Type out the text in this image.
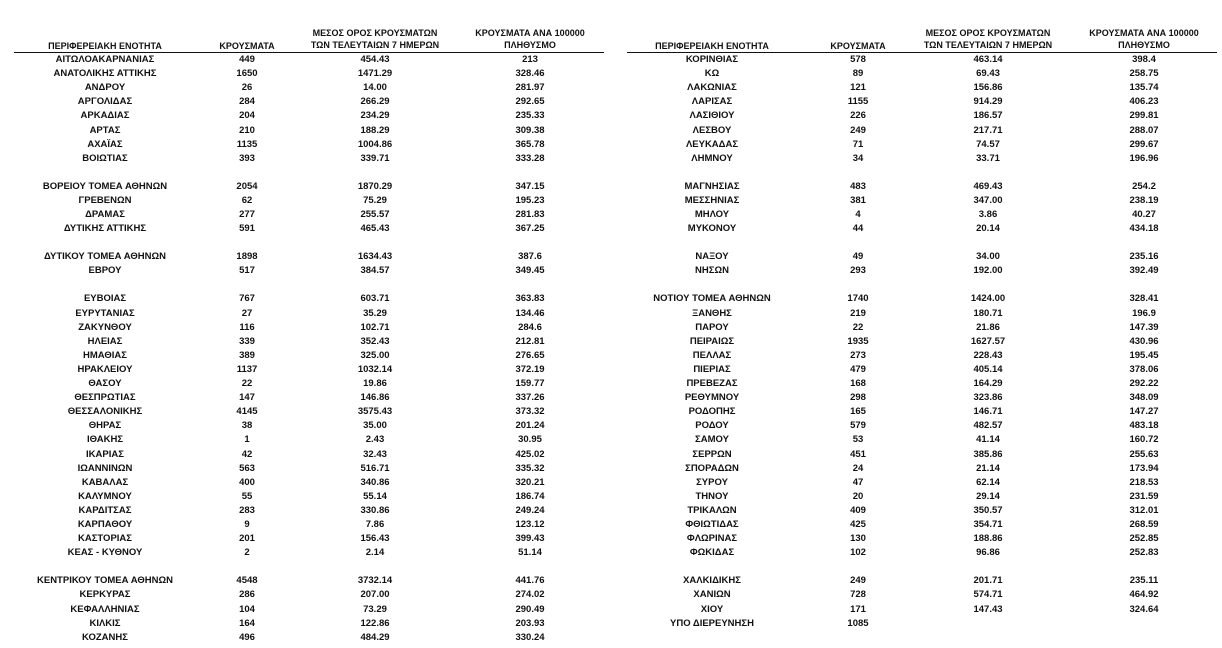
ΠΕΡΙΦΕΡΕΙΑΚΗ ΕΝΟΤΗΤΑ	ΚΡΟΥΣΜΑΤΑ
ΜΕΣΟΣ ΟΡΟΣ ΚΡΟΥΣΜΑΤΩΝ
ΤΩΝ ΤΕΛΕΥΤΑΙΩΝ 7 ΗΜΕΡΩΝ
ΚΡΟΥΣΜΑΤΑ ΑΝΑ 100000
ΠΛΗΘΥΣΜΟ
ΑΙΤΩΛΟΑΚΑΡΝΑΝΙΑΣ	449	454.43	213
ΑΝΑΤΟΛΙΚΗΣ ΑΤΤΙΚΗΣ	1650	1471.29	328.46
ΑΝΔΡΟΥ	26	14.00	281.97
ΑΡΓΟΛΙΔΑΣ	284	266.29	292.65
ΑΡΚΑΔΙΑΣ	204	234.29	235.33
ΑΡΤΑΣ	210	188.29	309.38
ΑΧΑΪΑΣ	1135	1004.86	365.78
ΒΟΙΩΤΙΑΣ	393	339.71	333.28
ΒΟΡΕΙΟΥ ΤΟΜΕΑ ΑΘΗΝΩΝ	2054	1870.29	347.15
ΓΡΕΒΕΝΩΝ	62	75.29	195.23
ΔΡΑΜΑΣ	277	255.57	281.83
ΔΥΤΙΚΗΣ ΑΤΤΙΚΗΣ	591	465.43	367.25
ΔΥΤΙΚΟΥ ΤΟΜΕΑ ΑΘΗΝΩΝ	1898	1634.43	387.6
ΕΒΡΟΥ	517	384.57	349.45
ΕΥΒΟΙΑΣ	767	603.71	363.83
ΕΥΡΥΤΑΝΙΑΣ	27	35.29	134.46
ΖΑΚΥΝΘΟΥ	116	102.71	284.6
ΗΛΕΙΑΣ	339	352.43	212.81
ΗΜΑΘΙΑΣ	389	325.00	276.65
ΗΡΑΚΛΕΙΟΥ	1137	1032.14	372.19
ΘΑΣΟΥ	22	19.86	159.77
ΘΕΣΠΡΩΤΙΑΣ	147	146.86	337.26
ΘΕΣΣΑΛΟΝΙΚΗΣ	4145	3575.43	373.32
ΘΗΡΑΣ	38	35.00	201.24
ΙΘΑΚΗΣ	1	2.43	30.95
ΙΚΑΡΙΑΣ	42	32.43	425.02
ΙΩΑΝΝΙΝΩΝ	563	516.71	335.32
ΚΑΒΑΛΑΣ	400	340.86	320.21
ΚΑΛΥΜΝΟΥ	55	55.14	186.74
ΚΑΡΔΙΤΣΑΣ	283	330.86	249.24
ΚΑΡΠΑΘΟΥ	9	7.86	123.12
ΚΑΣΤΟΡΙΑΣ	201	156.43	399.43
ΚΕΑΣ - ΚΥΘΝΟΥ	2	2.14	51.14
ΚΕΝΤΡΙΚΟΥ ΤΟΜΕΑ ΑΘΗΝΩΝ	4548	3732.14	441.76
ΚΕΡΚΥΡΑΣ	286	207.00	274.02
ΚΕΦΑΛΛΗΝΙΑΣ	104	73.29	290.49
ΚΙΛΚΙΣ	164	122.86	203.93
ΚΟΖΑΝΗΣ	496	484.29	330.24
ΠΕΡΙΦΕΡΕΙΑΚΗ ΕΝΟΤΗΤΑ	ΚΡΟΥΣΜΑΤΑ
ΜΕΣΟΣ ΟΡΟΣ ΚΡΟΥΣΜΑΤΩΝ
ΤΩΝ ΤΕΛΕΥΤΑΙΩΝ 7 ΗΜΕΡΩΝ
ΚΡΟΥΣΜΑΤΑ ΑΝΑ 100000
ΠΛΗΘΥΣΜΟ
ΚΟΡΙΝΘΙΑΣ	578	463.14	398.4
ΚΩ	89	69.43	258.75
ΛΑΚΩΝΙΑΣ	121	156.86	135.74
ΛΑΡΙΣΑΣ	1155	914.29	406.23
ΛΑΣΙΘΙΟΥ	226	186.57	299.81
ΛΕΣΒΟΥ	249	217.71	288.07
ΛΕΥΚΑΔΑΣ	71	74.57	299.67
ΛΗΜΝΟΥ	34	33.71	196.96
ΜΑΓΝΗΣΙΑΣ	483	469.43	254.2
ΜΕΣΣΗΝΙΑΣ	381	347.00	238.19
ΜΗΛΟΥ	4	3.86	40.27
ΜΥΚΟΝΟΥ	44	20.14	434.18
ΝΑΞΟΥ	49	34.00	235.16
ΝΗΣΩΝ	293	192.00	392.49
ΝΟΤΙΟΥ ΤΟΜΕΑ ΑΘΗΝΩΝ	1740	1424.00	328.41
ΞΑΝΘΗΣ	219	180.71	196.9
ΠΑΡΟΥ	22	21.86	147.39
ΠΕΙΡΑΙΩΣ	1935	1627.57	430.96
ΠΕΛΛΑΣ	273	228.43	195.45
ΠΙΕΡΙΑΣ	479	405.14	378.06
ΠΡΕΒΕΖΑΣ	168	164.29	292.22
ΡΕΘΥΜΝΟΥ	298	323.86	348.09
ΡΟΔΟΠΗΣ	165	146.71	147.27
ΡΟΔΟΥ	579	482.57	483.18
ΣΑΜΟΥ	53	41.14	160.72
ΣΕΡΡΩΝ	451	385.86	255.63
ΣΠΟΡΑΔΩΝ	24	21.14	173.94
ΣΥΡΟΥ	47	62.14	218.53
ΤΗΝΟΥ	20	29.14	231.59
ΤΡΙΚΑΛΩΝ	409	350.57	312.01
ΦΘΙΩΤΙΔΑΣ	425	354.71	268.59
ΦΛΩΡΙΝΑΣ	130	188.86	252.85
ΦΩΚΙΔΑΣ	102	96.86	252.83
ΧΑΛΚΙΔΙΚΗΣ	249	201.71	235.11
ΧΑΝΙΩΝ	728	574.71	464.92
ΧΙΟΥ	171	147.43	324.64
ΥΠΟ ΔΙΕΡΕΥΝΗΣΗ	1085
